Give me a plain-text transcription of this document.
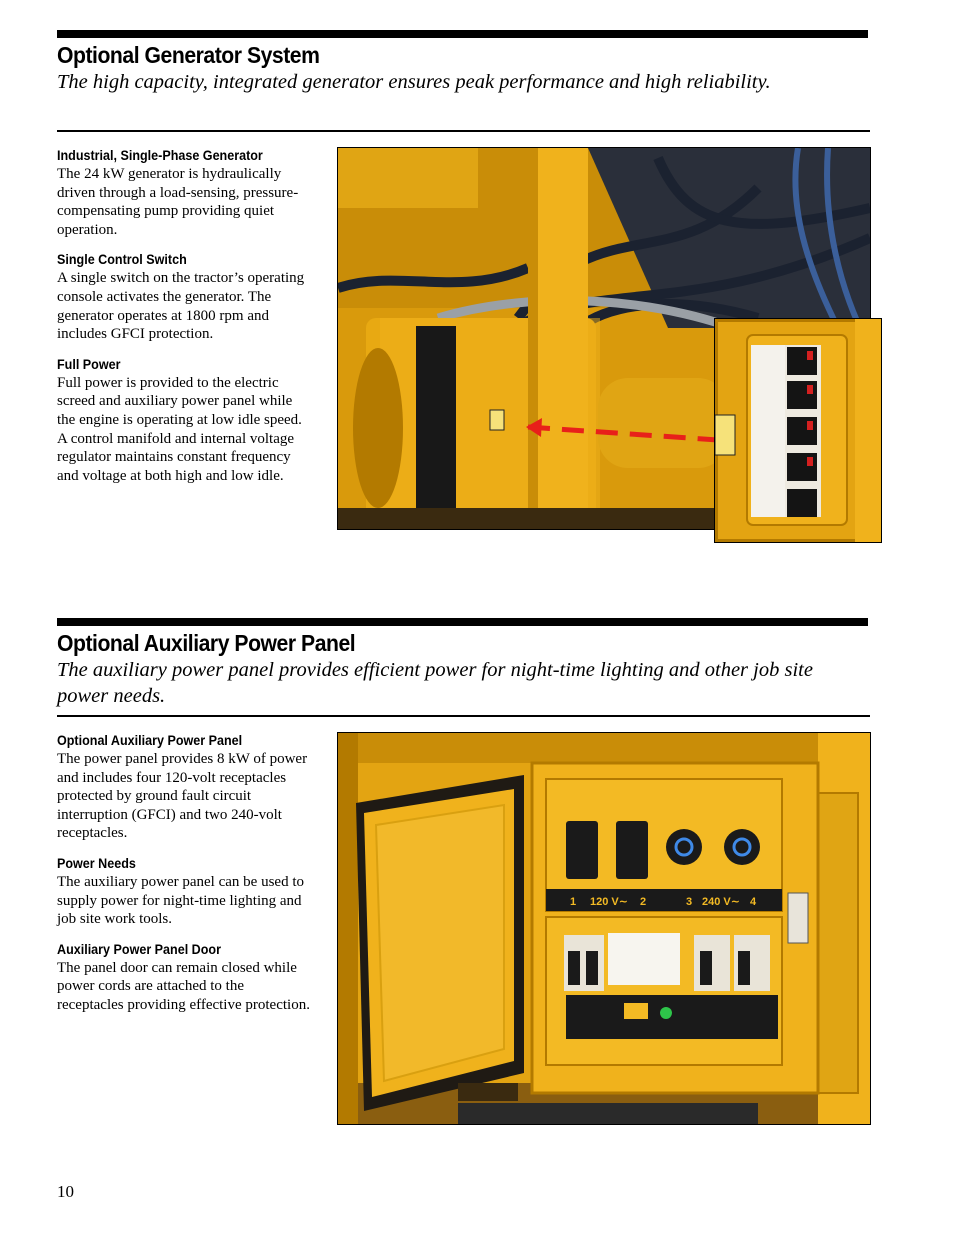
Optional Generator System

The high capacity, integrated generator ensures peak performance and high reliability.

Industrial, Single-Phase Generator
The 24 kW generator is hydraulically driven through a load-sensing, pressure-compensating pump providing quiet operation.
Single Control Switch
A single switch on the tractor’s operating console activates the generator. The generator operates at 1800 rpm and includes GFCI protection.
Full Power
Full power is provided to the electric screed and auxiliary power panel while the engine is operating at low idle speed. A control manifold and internal voltage regulator maintains constant frequency and voltage at both high and low idle.
Optional Auxiliary Power Panel

The auxiliary power panel provides efficient power for night-time lighting and other job site power needs.

Optional Auxiliary Power Panel
The power panel provides 8 kW of power and includes four 120-volt receptacles protected by ground fault circuit interruption (GFCI) and two 240-volt receptacles.
Power Needs
The auxiliary power panel can be used to supply power for night-time lighting and job site work tools.
Auxiliary Power Panel Door
The panel door can remain closed while power cords are attached to the receptacles providing effective protection.
1 120 V∼ 2	3 240 V∼ 4
10
